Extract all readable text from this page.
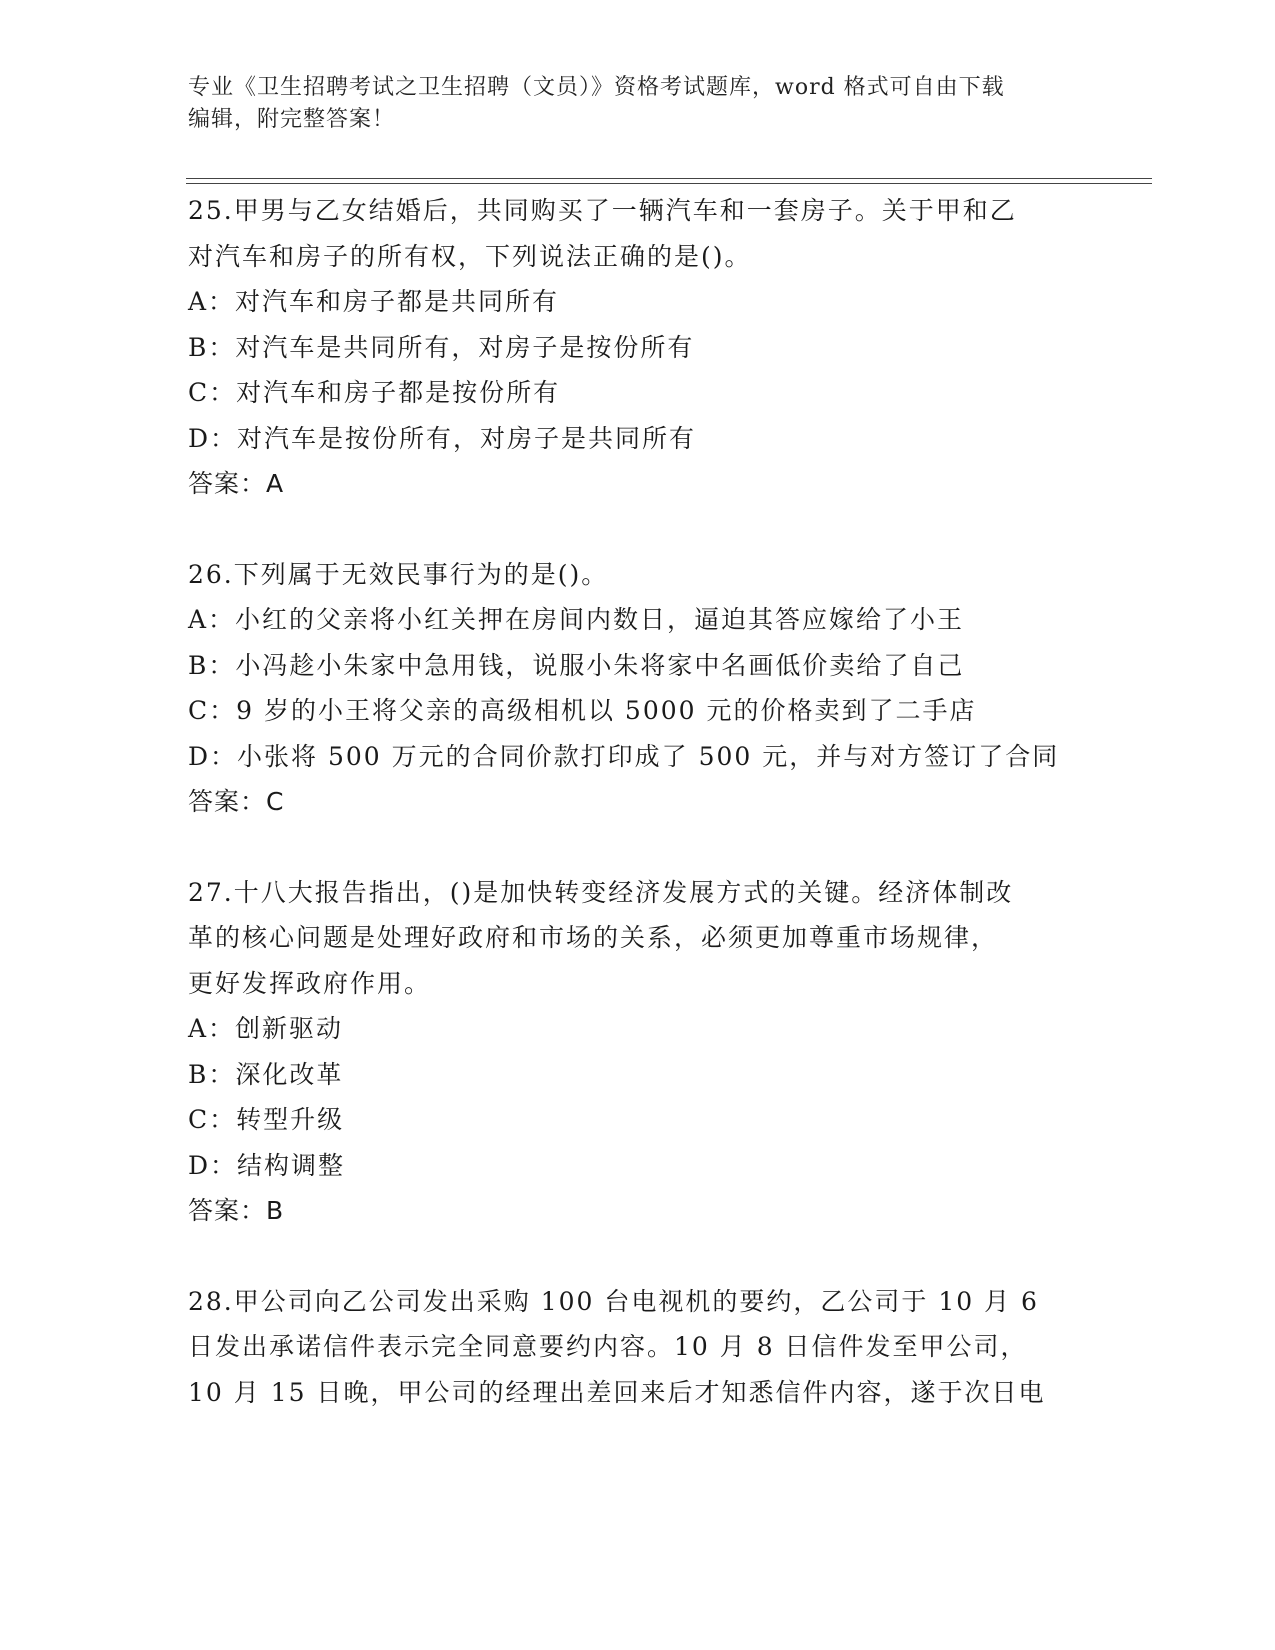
专业《卫生招聘考试之卫生招聘（文员）》资格考试题库，word 格式可自由下载
编辑，附完整答案！
25.甲男与乙女结婚后，共同购买了一辆汽车和一套房子。关于甲和乙
对汽车和房子的所有权，下列说法正确的是()。
A：对汽车和房子都是共同所有
B：对汽车是共同所有，对房子是按份所有
C：对汽车和房子都是按份所有
D：对汽车是按份所有，对房子是共同所有
答案：A
26.下列属于无效民事行为的是()。
A：小红的父亲将小红关押在房间内数日，逼迫其答应嫁给了小王
B：小冯趁小朱家中急用钱，说服小朱将家中名画低价卖给了自己
C：9 岁的小王将父亲的高级相机以 5000 元的价格卖到了二手店
D：小张将 500 万元的合同价款打印成了 500 元，并与对方签订了合同
答案：C
27.十八大报告指出，()是加快转变经济发展方式的关键。经济体制改
革的核心问题是处理好政府和市场的关系，必须更加尊重市场规律，
更好发挥政府作用。
A：创新驱动
B：深化改革
C：转型升级
D：结构调整
答案：B
28.甲公司向乙公司发出采购 100 台电视机的要约，乙公司于 10 月 6
日发出承诺信件表示完全同意要约内容。10 月 8 日信件发至甲公司，
10 月 15 日晚，甲公司的经理出差回来后才知悉信件内容，遂于次日电
